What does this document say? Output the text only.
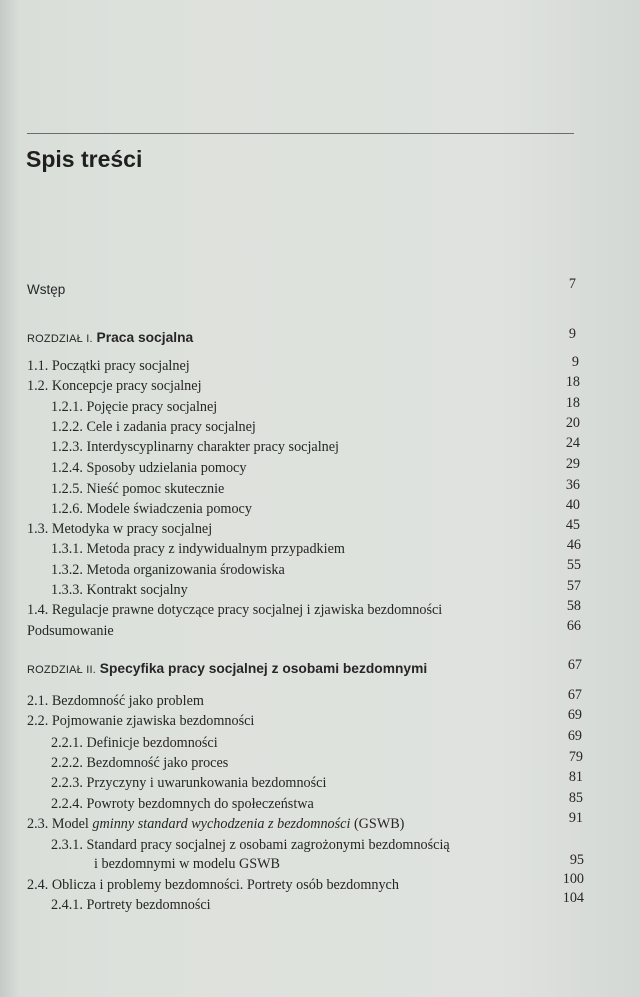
Spis treści
Wstęp	7
ROZDZIAŁ I. Praca socjalna	9
1.1. Początki pracy socjalnej	9
1.2. Koncepcje pracy socjalnej	18
1.2.1. Pojęcie pracy socjalnej	18
1.2.2. Cele i zadania pracy socjalnej	20
1.2.3. Interdyscyplinarny charakter pracy socjalnej	24
1.2.4. Sposoby udzielania pomocy	29
1.2.5. Nieść pomoc skutecznie	36
1.2.6. Modele świadczenia pomocy	40
1.3. Metodyka w pracy socjalnej	45
1.3.1. Metoda pracy z indywidualnym przypadkiem	46
1.3.2. Metoda organizowania środowiska	55
1.3.3. Kontrakt socjalny	57
1.4. Regulacje prawne dotyczące pracy socjalnej i zjawiska bezdomności	58
Podsumowanie	66
ROZDZIAŁ II. Specyfika pracy socjalnej z osobami bezdomnymi	67
2.1. Bezdomność jako problem	67
2.2. Pojmowanie zjawiska bezdomności	69
2.2.1. Definicje bezdomności	69
2.2.2. Bezdomność jako proces	79
2.2.3. Przyczyny i uwarunkowania bezdomności	81
2.2.4. Powroty bezdomnych do społeczeństwa	85
2.3. Model gminny standard wychodzenia z bezdomności (GSWB)	91
2.3.1. Standard pracy socjalnej z osobami zagrożonymi bezdomnością
i bezdomnymi w modelu GSWB	95
2.4. Oblicza i problemy bezdomności. Portrety osób bezdomnych	100
2.4.1. Portrety bezdomności	104
